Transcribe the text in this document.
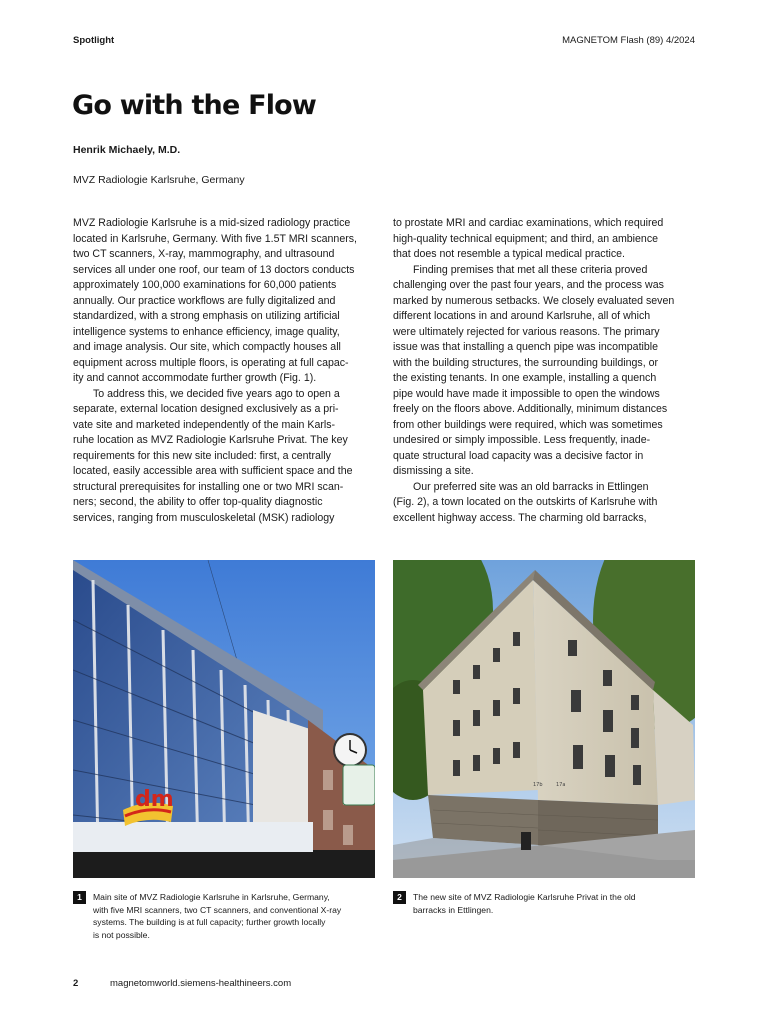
Spotlight	MAGNETOM Flash (89) 4/2024
Go with the Flow
Henrik Michaely, M.D.
MVZ Radiologie Karlsruhe, Germany
MVZ Radiologie Karlsruhe is a mid-sized radiology practice
located in Karlsruhe, Germany. With five 1.5T MRI scanners,
two CT scanners, X-ray, mammography, and ultrasound
services all under one roof, our team of 13 doctors conducts
approximately 100,000 examinations for 60,000 patients
annually. Our practice workflows are fully digitalized and
standardized, with a strong emphasis on utilizing artificial
intelligence systems to enhance efficiency, image quality,
and image analysis. Our site, which compactly houses all
equipment across multiple floors, is operating at full capac-
ity and cannot accommodate further growth (Fig. 1).
To address this, we decided five years ago to open a
separate, external location designed exclusively as a pri-
vate site and marketed independently of the main Karls-
ruhe location as MVZ Radiologie Karlsruhe Privat. The key
requirements for this new site included: first, a centrally
located, easily accessible area with sufficient space and the
structural prerequisites for installing one or two MRI scan-
ners; second, the ability to offer top-quality diagnostic
services, ranging from musculoskeletal (MSK) radiology
to prostate MRI and cardiac examinations, which required
high-quality technical equipment; and third, an ambience
that does not resemble a typical medical practice.
Finding premises that met all these criteria proved
challenging over the past four years, and the process was
marked by numerous setbacks. We closely evaluated seven
different locations in and around Karlsruhe, all of which
were ultimately rejected for various reasons. The primary
issue was that installing a quench pipe was incompatible
with the building structures, the surrounding buildings, or
the existing tenants. In one example, installing a quench
pipe would have made it impossible to open the windows
freely on the floors above. Additionally, minimum distances
from other buildings were required, which was sometimes
undesired or simply impossible. Less frequently, inade-
quate structural load capacity was a decisive factor in
dismissing a site.
Our preferred site was an old barracks in Ettlingen
(Fig. 2), a town located on the outskirts of Karlsruhe with
excellent highway access. The charming old barracks,
dm
17b	17a
1	Main site of MVZ Radiologie Karlsruhe in Karlsruhe, Germany,
with five MRI scanners, two CT scanners, and conventional X-ray
systems. The building is at full capacity; further growth locally
is not possible.
2	The new site of MVZ Radiologie Karlsruhe Privat in the old
barracks in Ettlingen.
2	magnetomworld.siemens-healthineers.com
